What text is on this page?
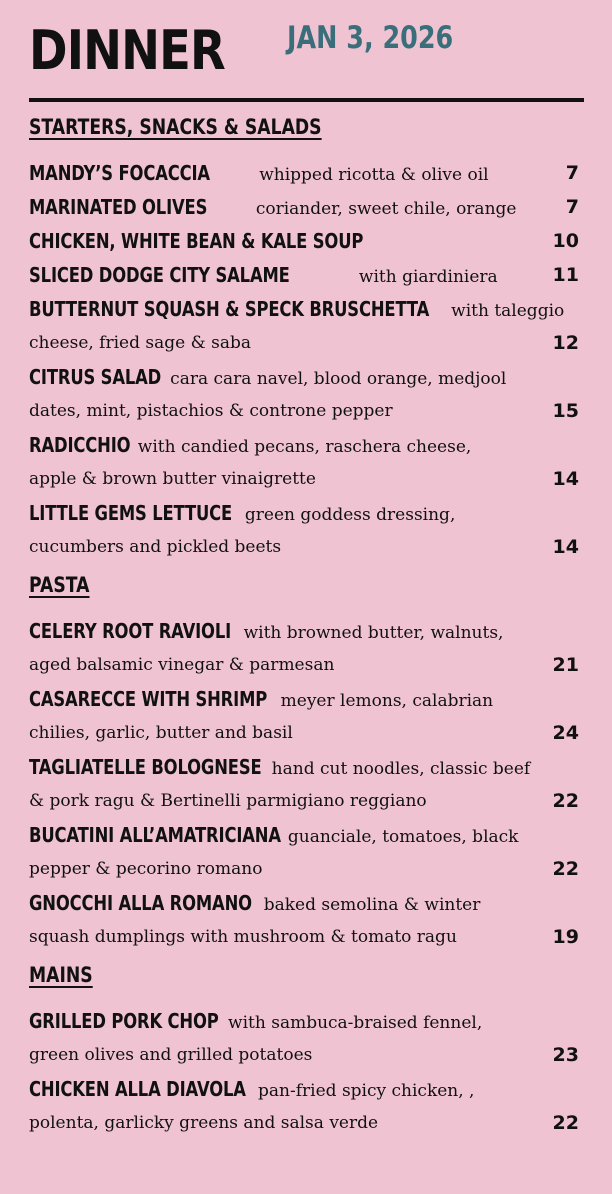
DINNER JAN 3, 2026
STARTERS, SNACKS & SALADS
MANDY’S FOCACCIA	whipped ricotta & olive oil	7
MARINATED OLIVES	coriander, sweet chile, orange	7
CHICKEN, WHITE BEAN & KALE SOUP	10
SLICED DODGE CITY SALAME	with giardiniera	11
BUTTERNUT SQUASH & SPECK BRUSCHETTA with taleggio
cheese, fried sage & saba	12
CITRUS SALAD cara cara navel, blood orange, medjool
dates, mint, pistachios & controne pepper	15
RADICCHIO with candied pecans, raschera cheese,
apple & brown butter vinaigrette	14
LITTLE GEMS LETTUCE green goddess dressing,
cucumbers and pickled beets	14
PASTA
CELERY ROOT RAVIOLI with browned butter, walnuts,
aged balsamic vinegar & parmesan	21
CASARECCE WITH SHRIMP meyer lemons, calabrian
chilies, garlic, butter and basil	24
TAGLIATELLE BOLOGNESE hand cut noodles, classic beef
& pork ragu & Bertinelli parmigiano reggiano	22
BUCATINI ALL’AMATRICIANA guanciale, tomatoes, black
pepper & pecorino romano	22
GNOCCHI ALLA ROMANO baked semolina & winter
squash dumplings with mushroom & tomato ragu	19
MAINS
GRILLED PORK CHOP with sambuca-braised fennel,
green olives and grilled potatoes	23
CHICKEN ALLA DIAVOLA pan-fried spicy chicken, ,
polenta, garlicky greens and salsa verde	22
